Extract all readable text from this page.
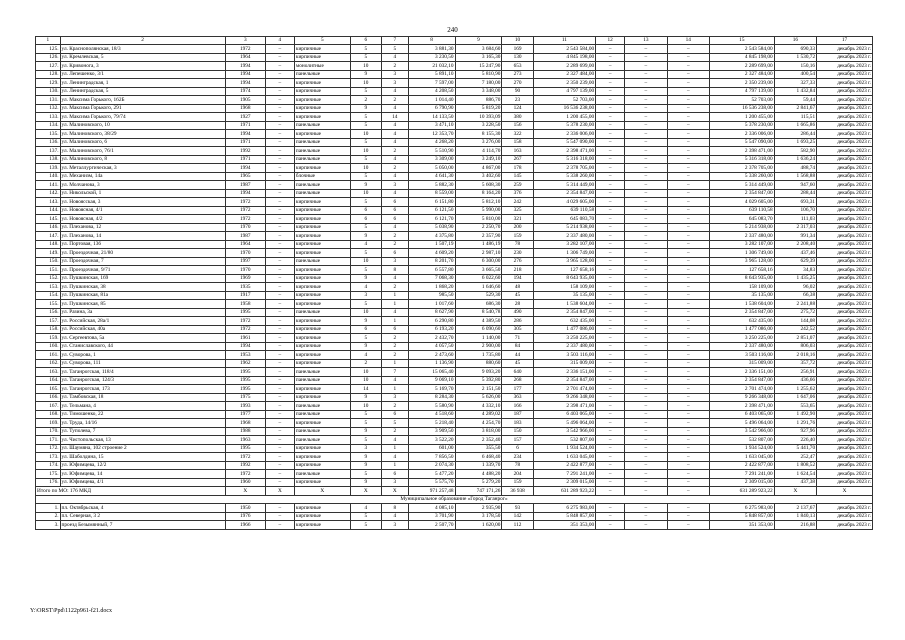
240
1	2	3	4	5	6	7	8	9	10	11	12	13	14	15	16	17
125.	ул. Краснополянская, 18/3	1972	–	кирпичные	5	5	3 881,30	3 684,60	169	2 543 584,00	–	–	–	2 543 584,00	690,33	декабрь 2023 г.
126.	ул. Кремлевская, 5	1964	–	кирпичные	5	4	3 230,50	3 165,30	130	4 845 198,00	–	–	–	4 845 198,00	1 530,72	декабрь 2023 г.
127.	ул. Кривонога, 3	1994	–	монолитные	10	2	21 032,10	15 247,90	653	2 289 699,00	–	–	–	2 289 699,00	150,16	декабрь 2023 г.
128.	ул. Лепешенко, 3/1	1994	–	панельные	9	3	5 891,10	5 810,90	273	2 327 484,00	–	–	–	2 327 484,00	400,54	декабрь 2023 г.
129.	ул. Ленинградская, 1	1994	–	кирпичные	10	3	7 597,00	7 180,00	270	2 350 239,00	–	–	–	2 350 239,00	327,33	декабрь 2023 г.
130.	ул. Ленинградская, 5	1974	–	кирпичные	5	4	4 208,50	3 348,00	90	4 797 139,00	–	–	–	4 797 139,00	1 432,84	декабрь 2023 г.
131.	ул. Максима Горького, 162Б	1905	–	кирпичные	2	2	1 014,40	886,70	23	52 703,00	–	–	–	52 703,00	59,44	декабрь 2023 г.
132.	ул. Максима Горького, 291	1968	–	кирпичные	9	4	6 790,90	5 819,20	124	16 536 238,00	–	–	–	16 536 238,00	2 841,67	декабрь 2023 г.
133.	ул. Максима Горького, 79/74	1927	–	кирпичные	5	14	14 133,50	10 393,09	380	1 200 455,00	–	–	–	1 200 455,00	115,51	декабрь 2023 г.
134.	ул. Малиновского, 10	1971	–	панельные	5	4	3 471,10	3 228,50	156	5 378 230,00	–	–	–	5 378 230,00	1 665,86	декабрь 2023 г.
135.	ул. Малиновского, 38/29	1994	–	кирпичные	10	4	12 353,70	8 155,30	322	2 336 006,00	–	–	–	2 336 006,00	286,44	декабрь 2023 г.
136.	ул. Малиновского, 6	1971	–	панельные	5	4	4 268,20	3 276,00	158	5 547 090,00	–	–	–	5 547 090,00	1 693,25	декабрь 2023 г.
137.	ул. Малиновского, 76/1	1992	–	панельные	10	2	5 510,90	4 114,70	163	2 398 471,00	–	–	–	2 398 471,00	582,90	декабрь 2023 г.
138.	ул. Малиновского, 8	1971	–	панельные	5	4	3 309,00	3 249,10	267	5 316 318,00	–	–	–	5 316 318,00	1 636,24	декабрь 2023 г.
139.	ул. Металлургическая, 3	1994	–	кирпичные	10	2	5 050,00	4 867,00	178	2 378 705,00	–	–	–	2 378 705,00	488,74	декабрь 2023 г.
140.	ул. Механизм, 14а	1965	–	блочные	5	4	4 641,30	3 402,60	145	5 338 260,00	–	–	–	5 338 260,00	1 568,88	декабрь 2023 г.
141.	ул. Молчанова, 3	1987	–	панельные	9	3	5 882,30	5 608,30	259	5 314 449,00	–	–	–	5 314 449,00	947,60	декабрь 2023 г.
142.	ул. Никольской, 1	1994	–	панельные	10	4	8 559,00	8 164,20	376	2 354 847,00	–	–	–	2 354 847,00	288,44	декабрь 2023 г.
143.	ул. Новоясская, 3	1972	–	кирпичные	5	6	6 151,80	5 812,10	242	4 029 605,00	–	–	–	4 029 605,00	693,31	декабрь 2023 г.
144.	ул. Новоясная, 4/1	1972	–	кирпичные	6	6	6 121,50	5 990,00	325	639 110,58	–	–	–	639 110,58	106,70	декабрь 2023 г.
145.	ул. Новоясная, 4/2	1972	–	кирпичные	6	6	6 121,70	5 810,00	321	645 083,70	–	–	–	645 083,70	111,03	декабрь 2023 г.
146.	ул. Плеханова, 12	1970	–	кирпичные	5	4	5 038,90	2 250,70	200	5 214 938,00	–	–	–	5 214 938,00	2 317,03	декабрь 2023 г.
147.	ул. Плеханова, 14	1987	–	кирпичные	9	2	4 375,80	2 357,90	159	2 337 480,00	–	–	–	2 337 480,00	991,34	декабрь 2023 г.
148.	ул. Портовая, 136	1964	–	кирпичные	4	2	1 507,19	1 486,19	78	3 282 107,00	–	–	–	3 282 107,00	2 208,40	декабрь 2023 г.
149.	ул. Проездочная, 21/80	1970	–	кирпичные	5	6	4 609,20	2 987,10	230	1 306 749,00	–	–	–	1 306 749,00	437,46	декабрь 2023 г.
150.	ул. Проездочная, 7	1997	–	панельные	10	3	8 201,70	6 300,00	276	3 965 128,00	–	–	–	3 965 128,00	629,39	декабрь 2023 г.
151.	ул. Проездочная, 9/71	1970	–	кирпичные	5	8	6 557,80	3 665,50	218	127 658,16	–	–	–	127 658,16	34,83	декабрь 2023 г.
152.	ул. Пушкинская, 169	1969	–	кирпичные	9	4	7 068,30	6 022,60	194	8 643 935,00	–	–	–	8 643 935,00	1 435,25	декабрь 2023 г.
153.	ул. Пушкинская, 38	1935	–	кирпичные	4	2	1 868,20	1 646,60	48	158 109,00	–	–	–	158 109,00	96,02	декабрь 2023 г.
154.	ул. Пушкинская, 81а	1917	–	кирпичные	3	1	985,50	529,30	45	35 135,00	–	–	–	35 135,00	66,38	декабрь 2023 г.
155.	ул. Пушкинская, 85	1958	–	кирпичные	5	1	1 017,60	686,30	28	1 538 604,00	–	–	–	1 538 604,00	2 241,88	декабрь 2023 г.
156.	ул. Разина, 3а	1995	–	панельные	10	4	8 627,90	8 540,78	490	2 354 847,00	–	–	–	2 354 847,00	275,72	декабрь 2023 г.
157.	ул. Российская, 28а/1	1972	–	кирпичные	9	1	6 290,80	4 389,50	286	632 435,00	–	–	–	632 435,00	144,08	декабрь 2023 г.
158.	ул. Российская, 40а	1972	–	кирпичные	6	6	6 193,20	6 090,60	305	1 477 086,00	–	–	–	1 477 086,00	242,52	декабрь 2023 г.
159.	ул. Сергеевтова, 5а	1961	–	кирпичные	5	2	2 432,70	1 140,00	71	3 250 225,00	–	–	–	3 250 225,00	2 851,07	декабрь 2023 г.
160.	ул. Станиславского, 44	1994	–	кирпичные	9	2	4 057,50	2 900,00	84	2 337 480,00	–	–	–	2 337 480,00	806,03	декабрь 2023 г.
161.	ул. Суворова, 1	1953	–	кирпичные	4	2	2 473,60	1 735,80	44	3 503 116,00	–	–	–	3 503 116,00	2 018,16	декабрь 2023 г.
162.	ул. Суворова, 111	1962	–	кирпичные	2	1	1 136,90	880,60	45	315 009,00	–	–	–	315 009,00	357,72	декабрь 2023 г.
163.	ул. Таганрогская, 118/4	1995	–	панельные	10	7	15 065,40	9 093,20	640	2 336 151,00	–	–	–	2 336 151,00	256,91	декабрь 2023 г.
164.	ул. Таганрогская, 124/3	1995	–	панельные	10	4	9 069,10	5 392,80	268	2 354 847,00	–	–	–	2 354 847,00	436,66	декабрь 2023 г.
165.	ул. Таганрогская, 173	1995	–	кирпичные	14	1	5 169,70	2 151,50	177	2 701 474,00	–	–	–	2 701 474,00	1 255,62	декабрь 2023 г.
166.	ул. Тамбовская, 18	1975	–	кирпичные	9	3	8 284,30	5 626,00	363	9 266 348,00	–	–	–	9 266 348,00	1 647,06	декабрь 2023 г.
167.	ул. Тельмана, 4	1993	–	панельные	10	2	5 580,90	4 332,10	166	2 398 471,00	–	–	–	2 398 471,00	553,65	декабрь 2023 г.
168.	ул. Тимошенко, 22	1977	–	панельные	5	6	4 518,60	4 289,02	187	6 403 065,00	–	–	–	6 403 065,00	1 492,90	декабрь 2023 г.
169.	ул. Труда, 14/16	1968	–	кирпичные	5	5	5 218,40	4 254,70	183	5 496 064,00	–	–	–	5 496 064,00	1 291,76	декабрь 2023 г.
170.	ул. Туполева, 7	1988	–	панельные	9	2	3 909,50	3 818,00	150	3 542 966,00	–	–	–	3 542 966,00	927,96	декабрь 2023 г.
171.	ул. Чистопольская, 13	1963	–	панельные	5	4	3 522,20	2 352,40	157	532 807,00	–	–	–	532 807,00	226,40	декабрь 2023 г.
172.	ул. Шаумяна, 102 строение 2	1995	–	кирпичные	3	1	601,00	355,50	6	1 934 524,00	–	–	–	1 934 524,00	5 441,70	декабрь 2023 г.
173.	ул. Шаболдина, 15	1972	–	кирпичные	9	4	7 856,50	6 468,40	234	1 633 045,00	–	–	–	1 633 045,00	252,47	декабрь 2023 г.
174.	ул. Юфимцева, 12/2	1992	–	кирпичные	9	1	2 074,30	1 339,70	78	2 422 877,00	–	–	–	2 422 877,00	1 808,52	декабрь 2023 г.
175.	ул. Юфимцева, 14	1972	–	панельные	5	6	5 477,20	4 488,20	204	7 291 241,00	–	–	–	7 291 241,00	1 624,54	декабрь 2023 г.
176.	ул. Юфимцева, 4/1	1960	–	кирпичные	9	3	5 575,70	5 279,20	159	2 309 015,00	–	–	–	2 309 015,00	437,38	декабрь 2023 г.
Итого по МО: 176 МКД		X	X	X	X	X	971 257,48	747 171,26	36 938	631 289 923,22	–	–	–	631 289 923,22	X	X
Муниципальное образование «Город Таганрог»																
1.	пл. Октябрьская, 4	1950	–	кирпичные	4	8	4 085,10	2 935,90	93	6 275 983,00	–	–	–	6 275 983,00	2 137,67	декабрь 2023 г.
2.	пл. Северная, 3 2	1976	–	кирпичные	5	4	3 701,90	3 178,50	142	5 848 857,00	–	–	–	5 848 857,00	1 840,13	декабрь 2023 г.
3.	проезд Безымянный, 7	1966	–	кирпичные	5	3	2 507,70	1 620,00	112	351 353,00	–	–	–	351 353,00	216,88	декабрь 2023 г.
Y:\ORST\Ppd\1122p961-f21.docx
